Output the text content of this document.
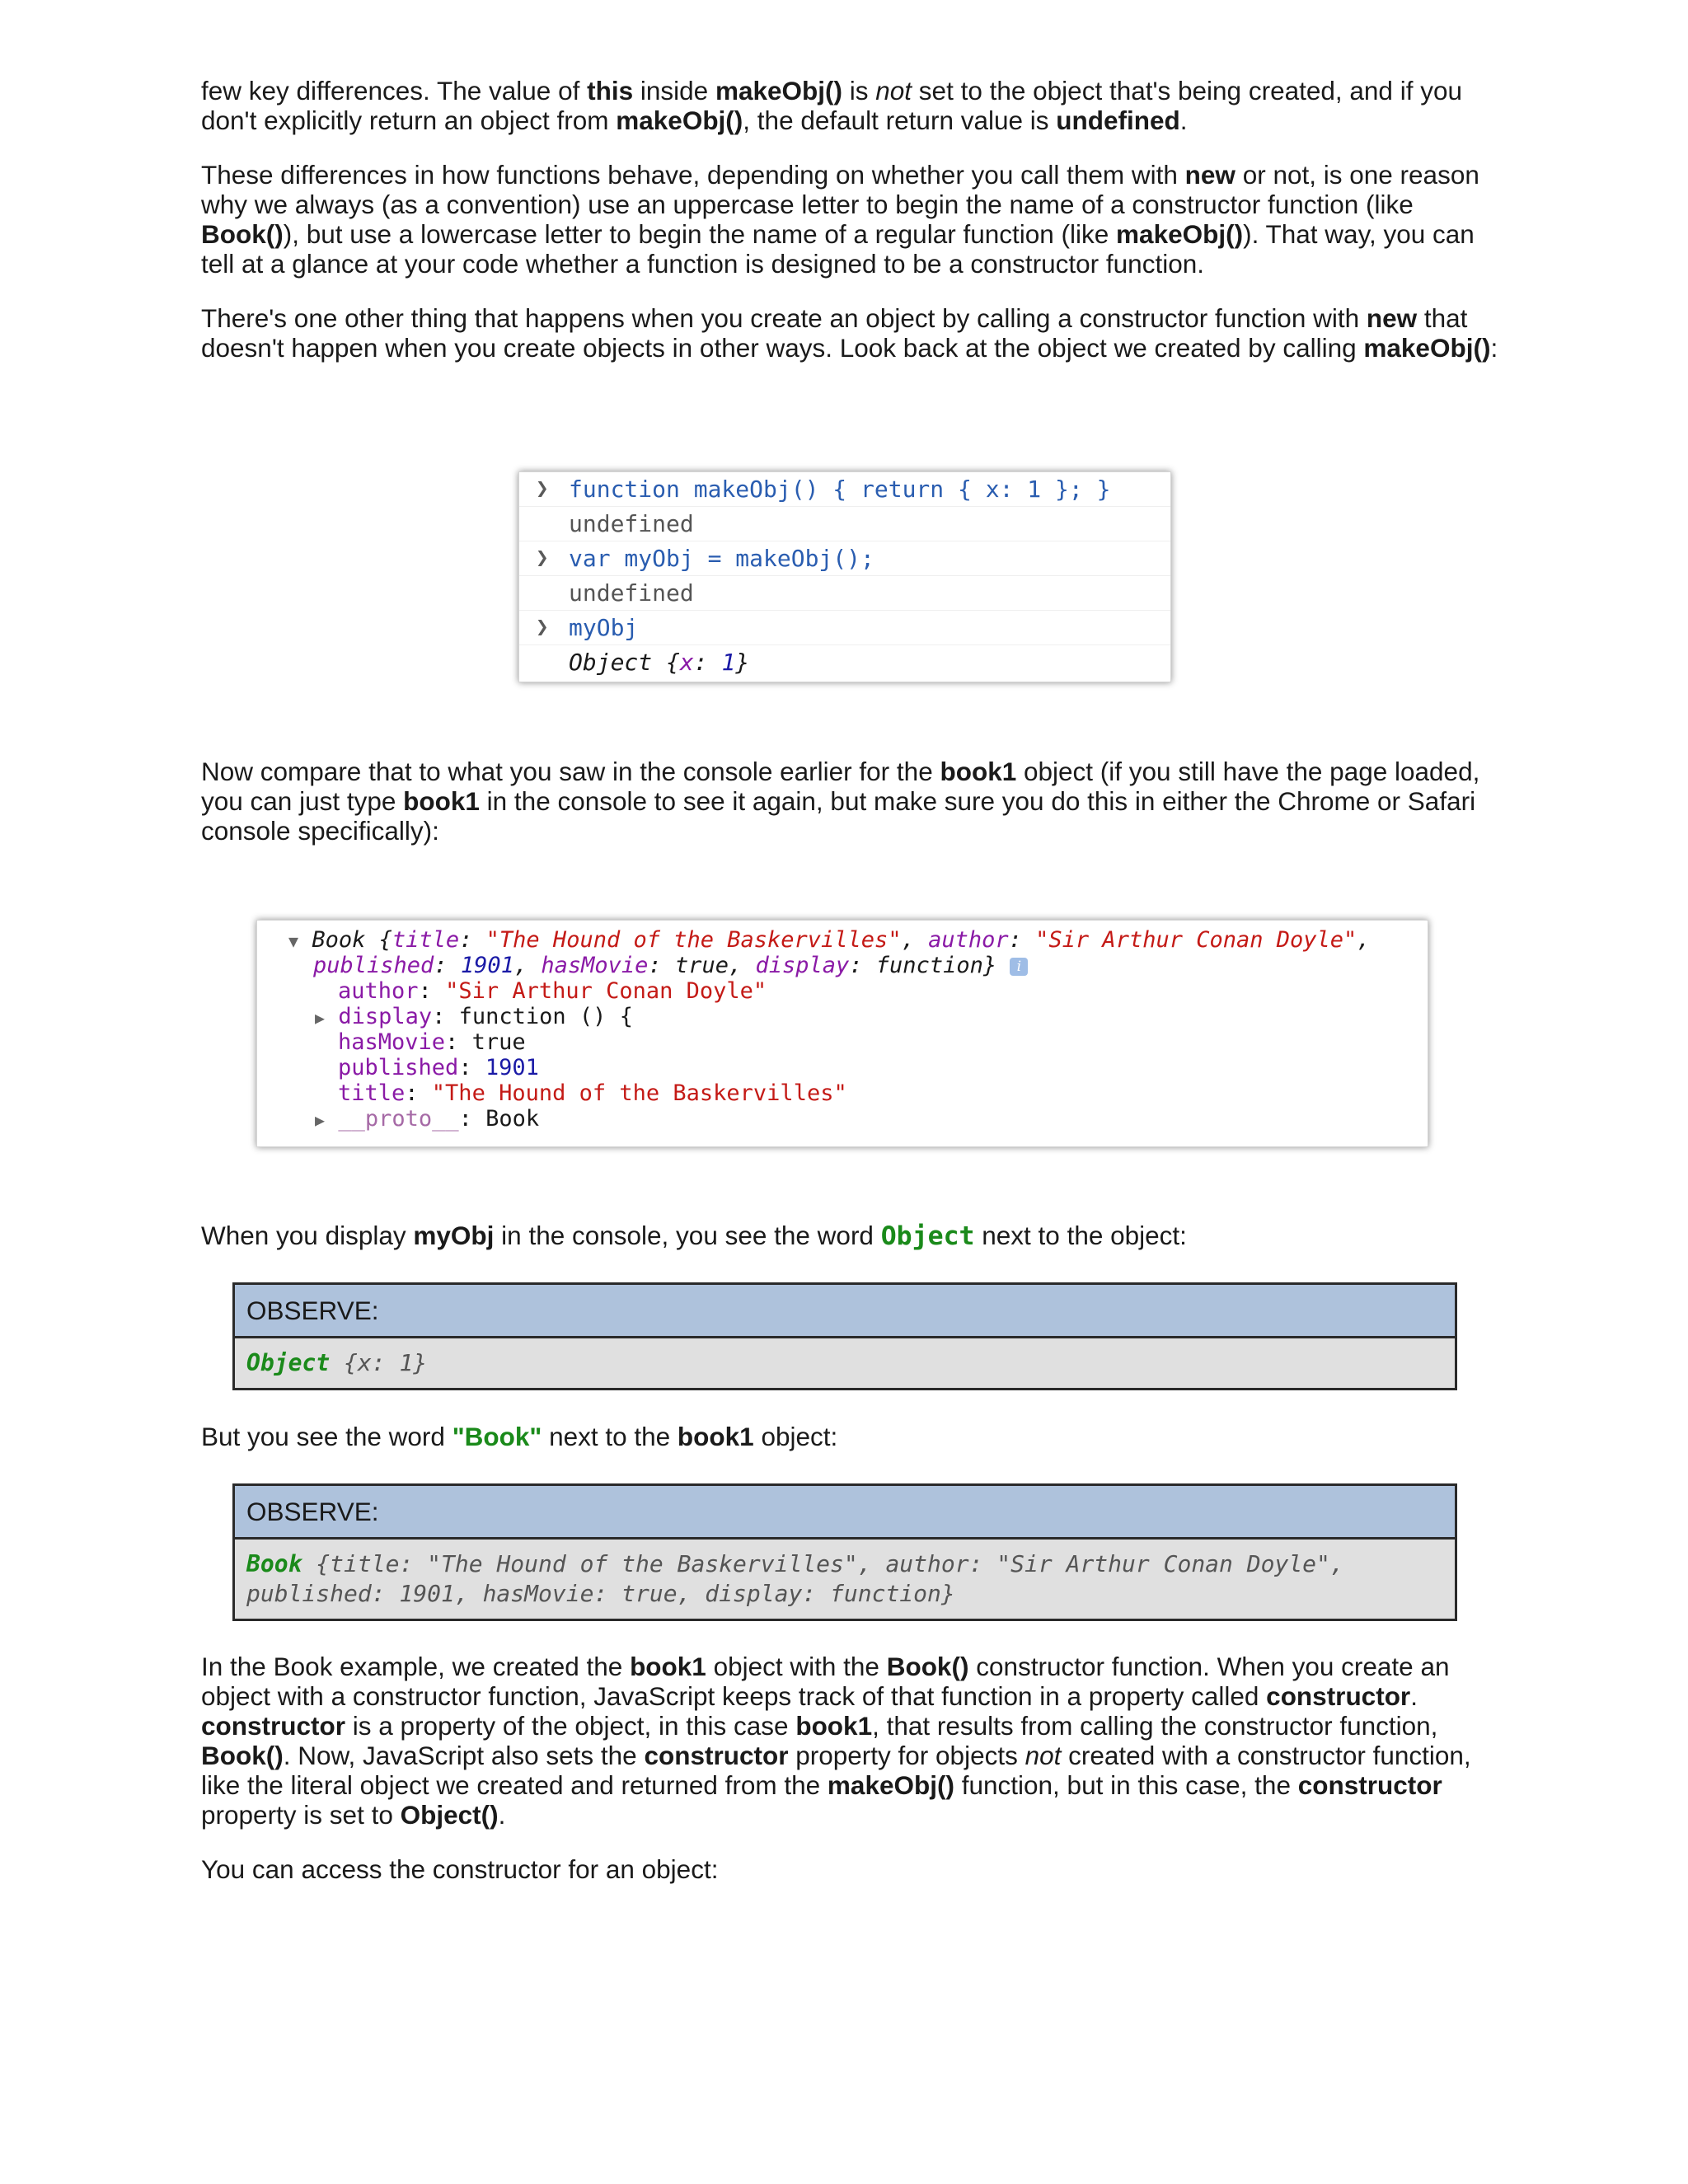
few key differences. The value of this inside makeObj() is not set to the object that's being created, and if you don't explicitly return an object from makeObj(), the default return value is undefined.

These differences in how functions behave, depending on whether you call them with new or not, is one reason why we always (as a convention) use an uppercase letter to begin the name of a constructor function (like Book()), but use a lowercase letter to begin the name of a regular function (like makeObj()). That way, you can tell at a glance at your code whether a function is designed to be a constructor function.

There's one other thing that happens when you create an object by calling a constructor function with new that doesn't happen when you create objects in other ways. Look back at the object we created by calling makeObj():

❯ function makeObj() { return { x: 1 }; }
undefined
❯ var myObj = makeObj();
undefined
❯ myObj
Object {x: 1}

Now compare that to what you saw in the console earlier for the book1 object (if you still have the page loaded, you can just type book1 in the console to see it again, but make sure you do this in either the Chrome or Safari console specifically):

▼ Book {title: "The Hound of the Baskervilles", author: "Sir Arthur Conan Doyle",
published: 1901, hasMovie: true, display: function} i
author: "Sir Arthur Conan Doyle"
▶ display: function () {
hasMovie: true
published: 1901
title: "The Hound of the Baskervilles"
▶ __proto__: Book

When you display myObj in the console, you see the word Object next to the object:

OBSERVE:
Object {x: 1}

But you see the word "Book" next to the book1 object:

OBSERVE:
Book {title: "The Hound of the Baskervilles", author: "Sir Arthur Conan Doyle",
published: 1901, hasMovie: true, display: function}

In the Book example, we created the book1 object with the Book() constructor function. When you create an object with a constructor function, JavaScript keeps track of that function in a property called constructor. constructor is a property of the object, in this case book1, that results from calling the constructor function, Book(). Now, JavaScript also sets the constructor property for objects not created with a constructor function, like the literal object we created and returned from the makeObj() function, but in this case, the constructor property is set to Object().

You can access the constructor for an object:
